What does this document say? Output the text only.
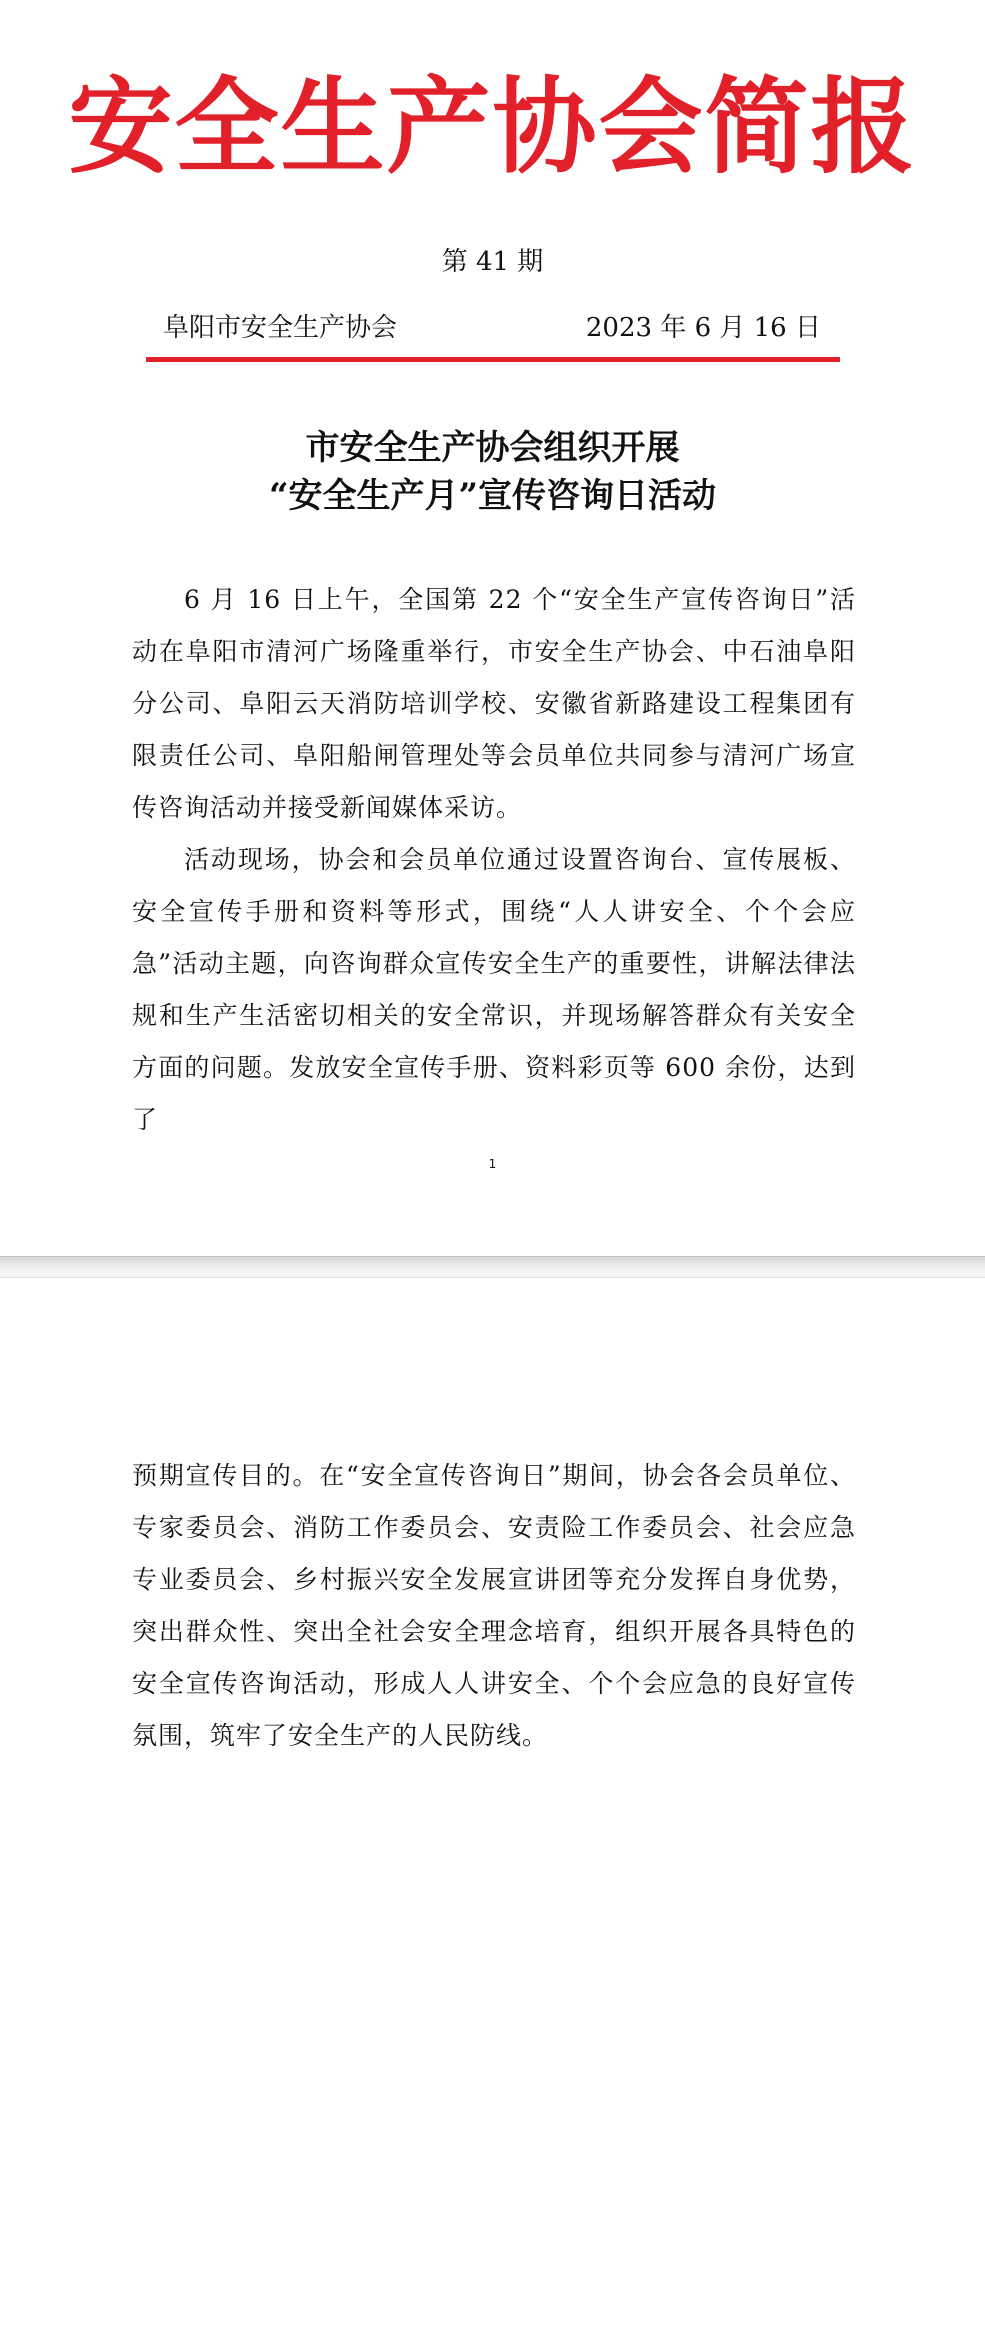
安全生产协会简报
第 41 期
阜阳市安全生产协会	2023 年 6 月 16 日
市安全生产协会组织开展
“安全生产月”宣传咨询日活动

6 月 16 日上午，全国第 22 个“安全生产宣传咨询日”活动在阜阳市清河广场隆重举行，市安全生产协会、中石油阜阳分公司、阜阳云天消防培训学校、安徽省新路建设工程集团有限责任公司、阜阳船闸管理处等会员单位共同参与清河广场宣传咨询活动并接受新闻媒体采访。

活动现场，协会和会员单位通过设置咨询台、宣传展板、安全宣传手册和资料等形式，围绕“人人讲安全、个个会应急”活动主题，向咨询群众宣传安全生产的重要性，讲解法律法规和生产生活密切相关的安全常识，并现场解答群众有关安全方面的问题。发放安全宣传手册、资料彩页等 600 余份，达到了

1

预期宣传目的。在“安全宣传咨询日”期间，协会各会员单位、专家委员会、消防工作委员会、安责险工作委员会、社会应急专业委员会、乡村振兴安全发展宣讲团等充分发挥自身优势，突出群众性、突出全社会安全理念培育，组织开展各具特色的安全宣传咨询活动，形成人人讲安全、个个会应急的良好宣传氛围，筑牢了安全生产的人民防线。
